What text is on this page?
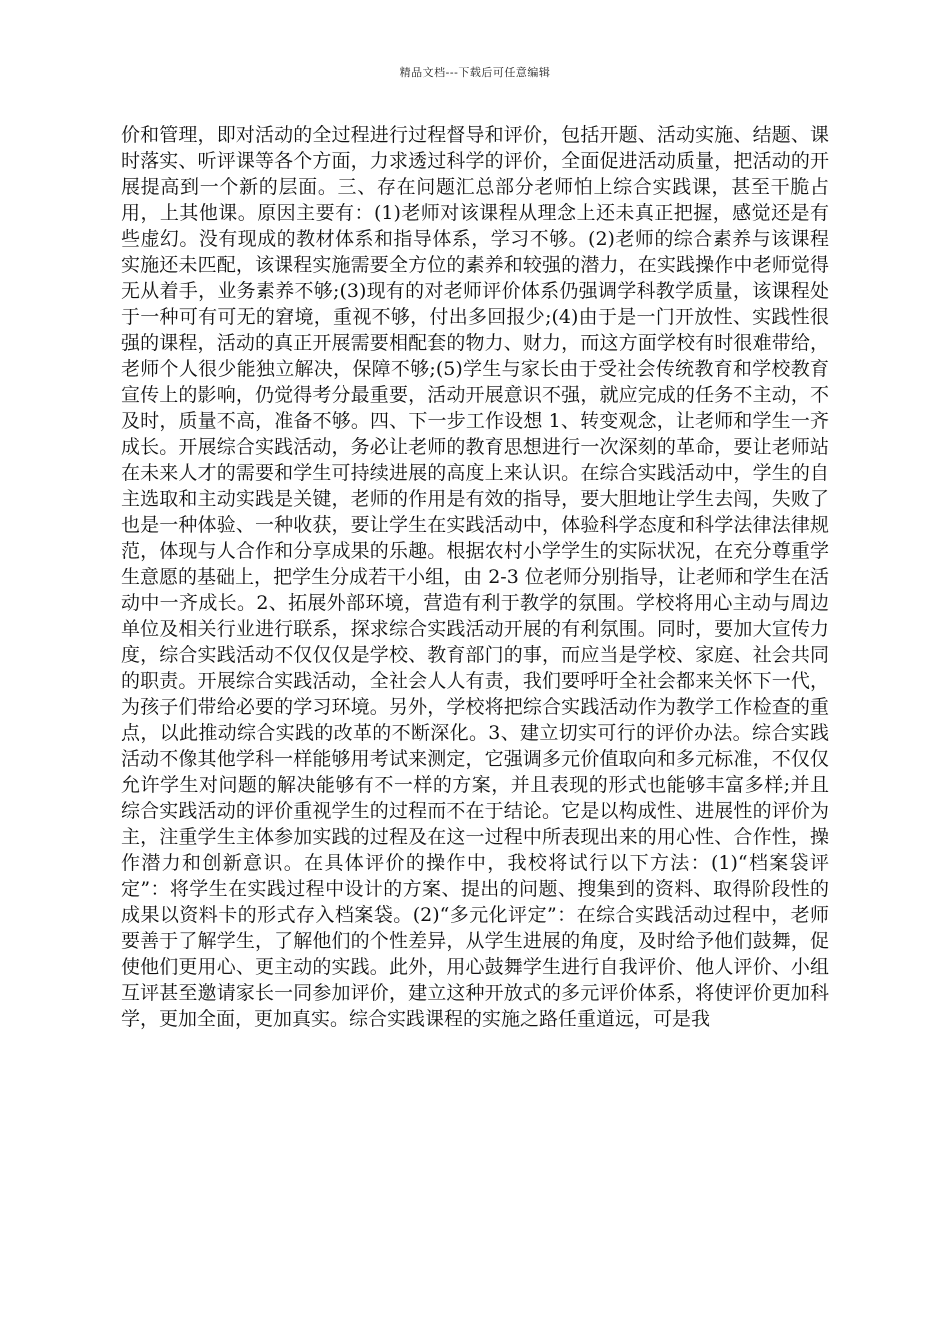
精品文档---下载后可任意编辑
价和管理，即对活动的全过程进行过程督导和评价，包括开题、活动实施、结题、课时落实、听评课等各个方面，力求透过科学的评价，全面促进活动质量，把活动的开展提高到一个新的层面。三、存在问题汇总部分老师怕上综合实践课，甚至干脆占用，上其他课。原因主要有：(1)老师对该课程从理念上还未真正把握，感觉还是有些虚幻。没有现成的教材体系和指导体系，学习不够。(2)老师的综合素养与该课程实施还未匹配，该课程实施需要全方位的素养和较强的潜力，在实践操作中老师觉得无从着手，业务素养不够;(3)现有的对老师评价体系仍强调学科教学质量，该课程处于一种可有可无的窘境，重视不够，付出多回报少;(4)由于是一门开放性、实践性很强的课程，活动的真正开展需要相配套的物力、财力，而这方面学校有时很难带给，老师个人很少能独立解决，保障不够;(5)学生与家长由于受社会传统教育和学校教育宣传上的影响，仍觉得考分最重要，活动开展意识不强，就应完成的任务不主动，不及时，质量不高，准备不够。四、下一步工作设想 1、转变观念，让老师和学生一齐成长。开展综合实践活动，务必让老师的教育思想进行一次深刻的革命，要让老师站在未来人才的需要和学生可持续进展的高度上来认识。在综合实践活动中，学生的自主选取和主动实践是关键，老师的作用是有效的指导，要大胆地让学生去闯，失败了也是一种体验、一种收获，要让学生在实践活动中，体验科学态度和科学法律法律规范，体现与人合作和分享成果的乐趣。根据农村小学学生的实际状况，在充分尊重学生意愿的基础上，把学生分成若干小组，由 2-3 位老师分别指导，让老师和学生在活动中一齐成长。2、拓展外部环境，营造有利于教学的氛围。学校将用心主动与周边单位及相关行业进行联系，探求综合实践活动开展的有利氛围。同时，要加大宣传力度，综合实践活动不仅仅仅是学校、教育部门的事，而应当是学校、家庭、社会共同的职责。开展综合实践活动，全社会人人有责，我们要呼吁全社会都来关怀下一代，为孩子们带给必要的学习环境。另外，学校将把综合实践活动作为教学工作检查的重点，以此推动综合实践的改革的不断深化。3、建立切实可行的评价办法。综合实践活动不像其他学科一样能够用考试来测定，它强调多元价值取向和多元标准，不仅仅允许学生对问题的解决能够有不一样的方案，并且表现的形式也能够丰富多样;并且综合实践活动的评价重视学生的过程而不在于结论。它是以构成性、进展性的评价为主，注重学生主体参加实践的过程及在这一过程中所表现出来的用心性、合作性，操作潜力和创新意识。在具体评价的操作中，我校将试行以下方法：(1)“档案袋评定”：将学生在实践过程中设计的方案、提出的问题、搜集到的资料、取得阶段性的成果以资料卡的形式存入档案袋。(2)“多元化评定”：在综合实践活动过程中，老师要善于了解学生，了解他们的个性差异，从学生进展的角度，及时给予他们鼓舞，促使他们更用心、更主动的实践。此外，用心鼓舞学生进行自我评价、他人评价、小组互评甚至邀请家长一同参加评价，建立这种开放式的多元评价体系，将使评价更加科学，更加全面，更加真实。综合实践课程的实施之路任重道远，可是我
